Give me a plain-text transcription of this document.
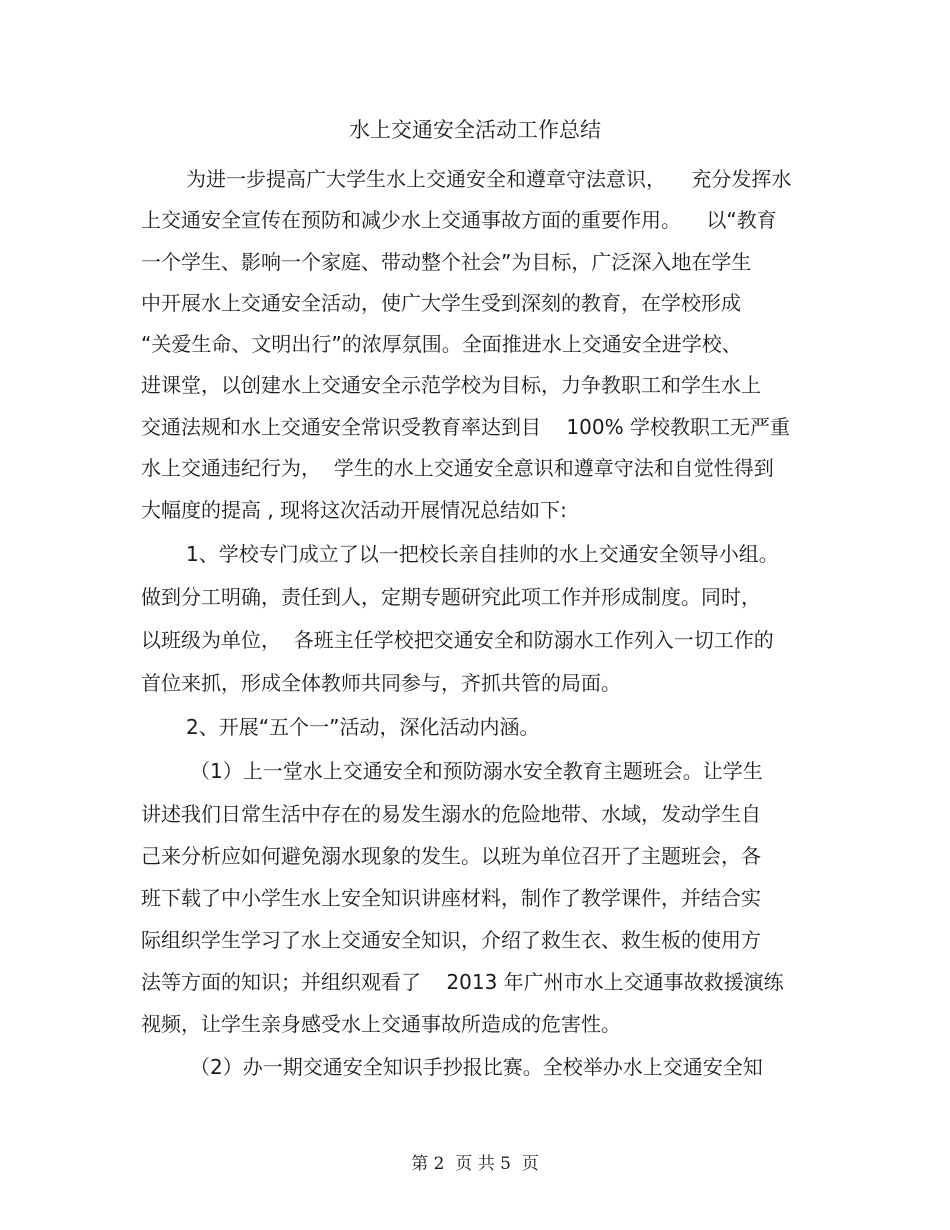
水上交通安全活动工作总结
为进一步提高广大学生水上交通安全和遵章守法意识，    充分发挥水
上交通安全宣传在预防和减少水上交通事故方面的重要作用。    以“教育
一个学生、影响一个家庭、带动整个社会”为目标，广泛深入地在学生
中开展水上交通安全活动，使广大学生受到深刻的教育，在学校形成
“关爱生命、文明出行”的浓厚氛围。全面推进水上交通安全进学校、
进课堂，以创建水上交通安全示范学校为目标，力争教职工和学生水上
交通法规和水上交通安全常识受教育率达到目    100% 学校教职工无严重
水上交通违纪行为，  学生的水上交通安全意识和遵章守法和自觉性得到
大幅度的提高 , 现将这次活动开展情况总结如下:
1、学校专门成立了以一把校长亲自挂帅的水上交通安全领导小组。
做到分工明确，责任到人，定期专题研究此项工作并形成制度。同时，
以班级为单位，  各班主任学校把交通安全和防溺水工作列入一切工作的
首位来抓，形成全体教师共同参与，齐抓共管的局面。
2、开展“五个一”活动，深化活动内涵。
（1）上一堂水上交通安全和预防溺水安全教育主题班会。让学生
讲述我们日常生活中存在的易发生溺水的危险地带、水域，发动学生自
己来分析应如何避免溺水现象的发生。以班为单位召开了主题班会，各
班下载了中小学生水上安全知识讲座材料，制作了教学课件，并结合实
际组织学生学习了水上交通安全知识，介绍了救生衣、救生板的使用方
法等方面的知识；并组织观看了    2013 年广州市水上交通事故救援演练
视频，让学生亲身感受水上交通事故所造成的危害性。
（2）办一期交通安全知识手抄报比赛。全校举办水上交通安全知
第 2  页 共 5  页
